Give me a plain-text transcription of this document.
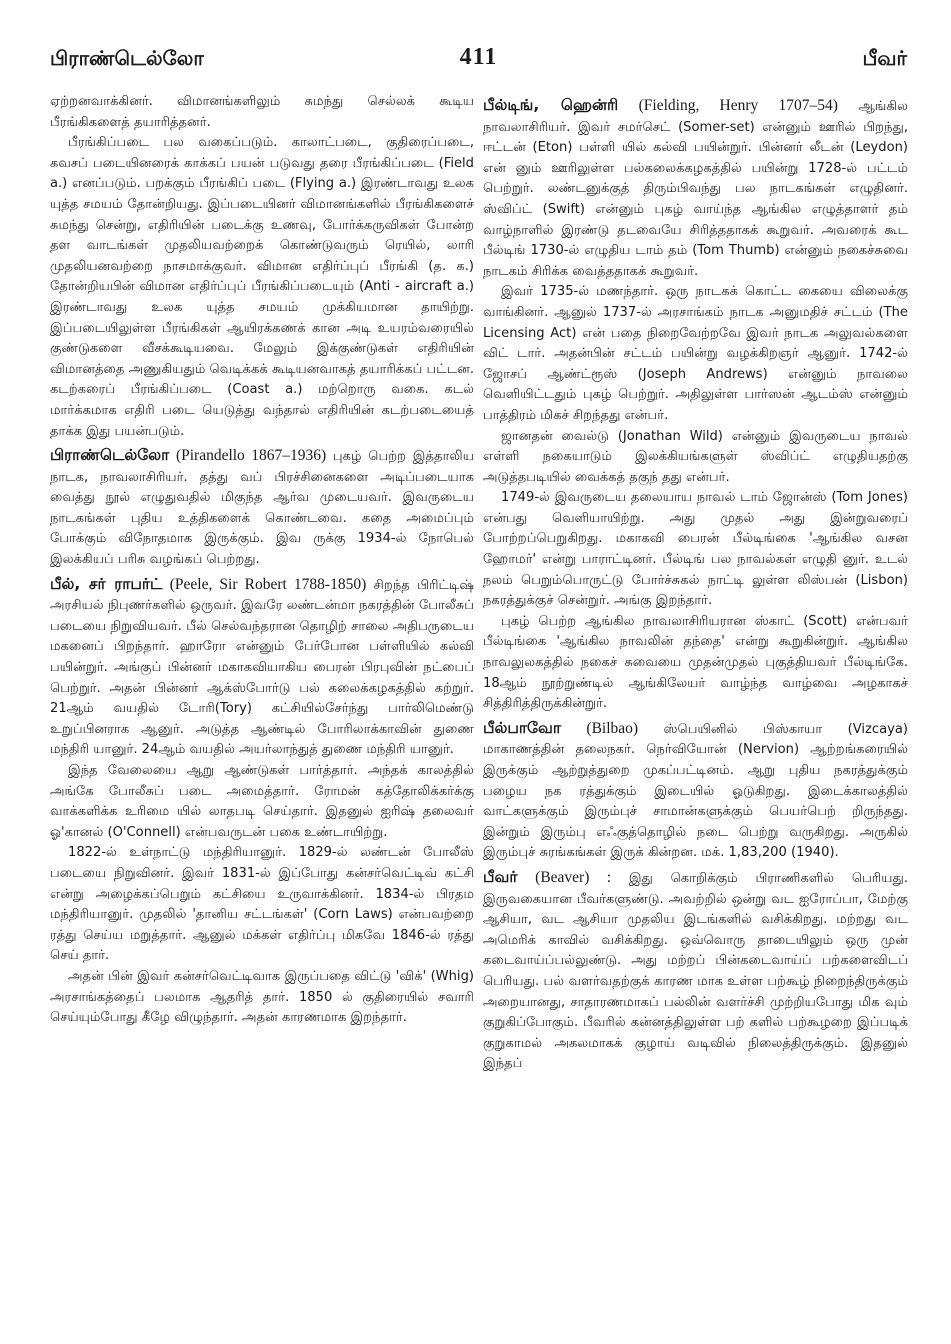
பிராண்டெல்லோ	411	பீவர்

ஏற்றனவாக்கினர். விமானங்களிலும் சுமந்து செல்லக் கூடிய பீரங்கிகளைத் தயாரித்தனர்.

பீரங்கிப்படை பல வகைப்படும். காலாட்படை, குதிரைப்படை, கவசப் படையினரைக் காக்கப் பயன் படுவது தரை பீரங்கிப்படை (Field a.) எனப்படும். பறக்கும் பீரங்கிப் படை (Flying a.) இரண்டாவது உலக யுத்த சமயம் தோன்றியது. இப்படையினர் விமானங்களில் பீரங்கிகளைச் சுமந்து சென்று, எதிரியின் படைக்கு உணவு, போர்க்கருவிகள் போன்ற தள வாடங்கள் முதலியவற்றைக் கொண்டுவரும் ரெயில், லாரி முதலியனவற்றை நாசமாக்குவர். விமான எதிர்ப்புப் பீரங்கி (த. க.) தோன்றியபின் விமான எதிர்ப்புப் பீரங்கிப்படையும் (Anti - aircraft a.) இரண்டாவது உலக யுத்த சமயம் முக்கியமான தாயிற்று. இப்படையிலுள்ள பீரங்கிகள் ஆயிரக்கணக் கான அடி உயரம்வரையில் குண்டுகளை வீசக்கூடியவை. மேலும் இக்குண்டுகள் எதிரியின் விமானத்தை அணுகியதும் வெடிக்கக் கூடியனவாகத் தயாரிக்கப் பட்டன. கடற்கரைப் பீரங்கிப்படை (Coast a.) மற்றொரு வகை. கடல் மார்க்கமாக எதிரி படை யெடுத்து வந்தால் எதிரியின் கடற்படையைத் தாக்க இது பயன்படும்.

பிராண்டெல்லோ (Pirandello 1867–1936) புகழ் பெற்ற இத்தாலிய நாடக, நாவலாசிரியர். தத்து வப் பிரச்சினைகளை அடிப்படையாக வைத்து நூல் எழுதுவதில் மிகுந்த ஆர்வ முடையவர். இவருடைய நாடகங்கள் புதிய உத்திகளைக் கொண்டவை. கதை அமைப்பும் போக்கும் விநோதமாக இருக்கும். இவ ருக்கு 1934-ல் நோபெல் இலக்கியப் பரிசு வழங்கப் பெற்றது.

பீல், சர் ராபர்ட் (Peele, Sir Robert 1788-1850) சிறந்த பிரிட்டிஷ் அரசியல் நிபுணர்களில் ஒருவர். இவரே லண்டன்மா நகரத்தின் போலீசுப் படையை நிறுவியவர். பீல் செல்வந்தரான தொழிற் சாலை அதிபருடைய மகனைப் பிறந்தார். ஹாரோ என்னும் பேர்போன பள்ளியில் கல்வி பயின்றுர். அங்குப் பின்னர் மகாகவியாகிய பைரன் பிரபுவின் நட்பைப் பெற்றுர். அதன் பின்னர் ஆக்ஸ்போர்டு பல் கலைக்கழகத்தில் கற்றுர். 21ஆம் வயதில் டோரி(Tory) கட்சியில்சேர்ந்து பார்லிமெண்டு உறுப்பினராக ஆனுர். அடுத்த ஆண்டில் போரிலாக்காவின் துணை மந்திரி யானுர். 24ஆம் வயதில் அயர்லாந்துத் துணை மந்திரி யானுர்.

இந்த வேலையை ஆறு ஆண்டுகள் பார்த்தார். அந்தக் காலத்தில் அங்கே போலீசுப் படை அமைத்தார். ரோமன் கத்தோலிக்கர்க்கு வாக்களிக்க உரிமை யில் லாதபடி செய்தார். இதனுல் ஐரிஷ் தலைவர் ஓ'கானல் (O'Connell) என்பவருடன் பகை உண்டாயிற்று.

1822-ல் உள்நாட்டு மந்திரியானுர். 1829-ல் லண்டன் போலீஸ் படையை நிறுவினர். இவர் 1831-ல் இப்போது கன்சர்வெட்டிவ் கட்சி என்று அழைக்கப்பெறும் கட்சியை உருவாக்கினர். 1834-ல் பிரதம மந்திரியானுர். முதலில் 'தானிய சட்டங்கள்' (Corn Laws) என்பவற்றை ரத்து செய்ய மறுத்தார். ஆனுல் மக்கள் எதிர்ப்பு மிகவே 1846-ல் ரத்து செய் தார்.

அதன் பின் இவர் கன்சர்வெட்டிவாக இருப்பதை விட்டு 'விக்' (Whig) அரசாங்கத்தைப் பலமாக ஆதரித் தார். 1850 ல் குதிரையில் சவாரி செய்யும்போது கீழே விழுந்தார். அதன் காரணமாக இறந்தார்.

பீல்டிங், ஹென்ரி (Fielding, Henry 1707–54) ஆங்கில நாவலாசிரியர். இவர் சமர்செட் (Somer-set) என்னும் ஊரில் பிறந்து, ஈட்டன் (Eton) பள்ளி யில் கல்வி பயின்றுர். பின்னர் லீடன் (Leydon) என் னும் ஊரிலுள்ள பல்கலைக்கழகத்தில் பயின்று 1728-ல் பட்டம் பெற்றுர். லண்டனுக்குத் திரும்பிவந்து பல நாடகங்கள் எழுதினர். ஸ்விப்ட் (Swift) என்னும் புகழ் வாய்ந்த ஆங்கில எழுத்தாளர் தம் வாழ்நாளில் இரண்டு தடவையே சிரித்ததாகக் கூறுவர். அவரைக் கூட பீல்டிங் 1730-ல் எழுதிய டாம் தம் (Tom Thumb) என்னும் நகைச்சுவை நாடகம் சிரிக்க வைத்ததாகக் கூறுவர்.

இவர் 1735-ல் மணந்தார். ஒரு நாடகக் கொட்ட கையை விலைக்கு வாங்கினர். ஆனுல் 1737-ல் அரசாங்கம் நாடக அனுமதிச் சட்டம் (The Licensing Act) என் பதை நிறைவேற்றவே இவர் நாடக அலுவல்களை விட் டார். அதன்பின் சட்டம் பயின்று வழக்கிறஞர் ஆனுர். 1742-ல் ஜோசப் ஆண்ட்ரூஸ் (Joseph Andrews) என்னும் நாவலை வெளியிட்டதும் புகழ் பெற்றுர். அதிலுள்ள பார்ஸன் ஆடம்ஸ் என்னும் பாத்திரம் மிகச் சிறந்தது என்பர்.

ஜானதன் வைல்டு (Jonathan Wild) என்னும் இவருடைய நாவல் எள்ளி நகையாடும் இலக்கியங்களுள் ஸ்விப்ட் எழுதியதற்கு அடுத்தபடியில் வைக்கத் தகுந் தது என்பர்.

1749-ல் இவருடைய தலையாய நாவல் டாம் ஜோன்ஸ் (Tom Jones) என்பது வெளியாயிற்று. அது முதல் அது இன்றுவரைப் போற்றப்பெறுகிறது. மகாகவி பைரன் பீல்டிங்கை 'ஆங்கில வசன ஹோமர்' என்று பாராட்டினர். பீல்டிங் பல நாவல்கள் எழுதி னுர். உடல் நலம் பெறும்பொருட்டு போர்ச்சுகல் நாட்டி லுள்ள லிஸ்பன் (Lisbon) நகரத்துக்குச் சென்றுர். அங்கு இறந்தார்.

புகழ் பெற்ற ஆங்கில நாவலாசிரியரான ஸ்காட் (Scott) என்பவர் பீல்டிங்கை 'ஆங்கில நாவலின் தந்தை' என்று கூறுகின்றுர். ஆங்கில நாவலுலகத்தில் நகைச் சுவையை முதன்முதல் புகுத்தியவர் பீல்டிங்கே. 18ஆம் நூற்றுண்டில் ஆங்கிலேயர் வாழ்ந்த வாழ்வை அழகாகச் சித்திரித்திருக்கின்றுர்.

பீல்பாவோ (Bilbao) ஸ்பெயினில் பிஸ்காயா (Vizcaya) மாகாணத்தின் தலைநகர். நெர்வியோன் (Nervion) ஆற்றங்கரையில் இருக்கும் ஆற்றுத்துறை முகப்பட்டினம். ஆறு புதிய நகரத்துக்கும் பழைய நக ரத்துக்கும் இடையில் ஓடுகிறது. இடைக்காலத்தில் வாட்களுக்கும் இரும்புச் சாமான்களுக்கும் பெயர்பெற் றிருந்தது. இன்றும் இரும்பு எஃகுத்தொழில் நடை பெற்று வருகிறது. அருகில் இரும்புச் சுரங்கங்கள் இருக் கின்றன. மக். 1,83,200 (1940).

பீவர் (Beaver) : இது கொறிக்கும் பிராணிகளில் பெரியது. இருவகையான பீவர்களுண்டு. அவற்றில் ஒன்று வட ஐரோப்பா, மேற்கு ஆசியா, வட ஆசியா முதலிய இடங்களில் வசிக்கிறது. மற்றது வட அமெரிக் காவில் வசிக்கிறது. ஒவ்வொரு தாடையிலும் ஒரு முன் கடைவாய்ப்பல்லுண்டு. அது மற்றப் பின்கடைவாய்ப் பற்களைவிடப் பெரியது. பல் வளர்வதற்குக் காரண மாக உள்ள பற்கூழ் நிறைந்திருக்கும் அறையானது, சாதாரணமாகப் பல்லின் வளர்ச்சி முற்றியபோது மிக வும் குறுகிப்போகும். பீவரில் கன்னத்திலுள்ள பற் களில் பற்கூழறை இப்படிக் குறுகாமல் அகலமாகக் குழாய் வடிவில் நிலைத்திருக்கும். இதனுல் இந்தப்
